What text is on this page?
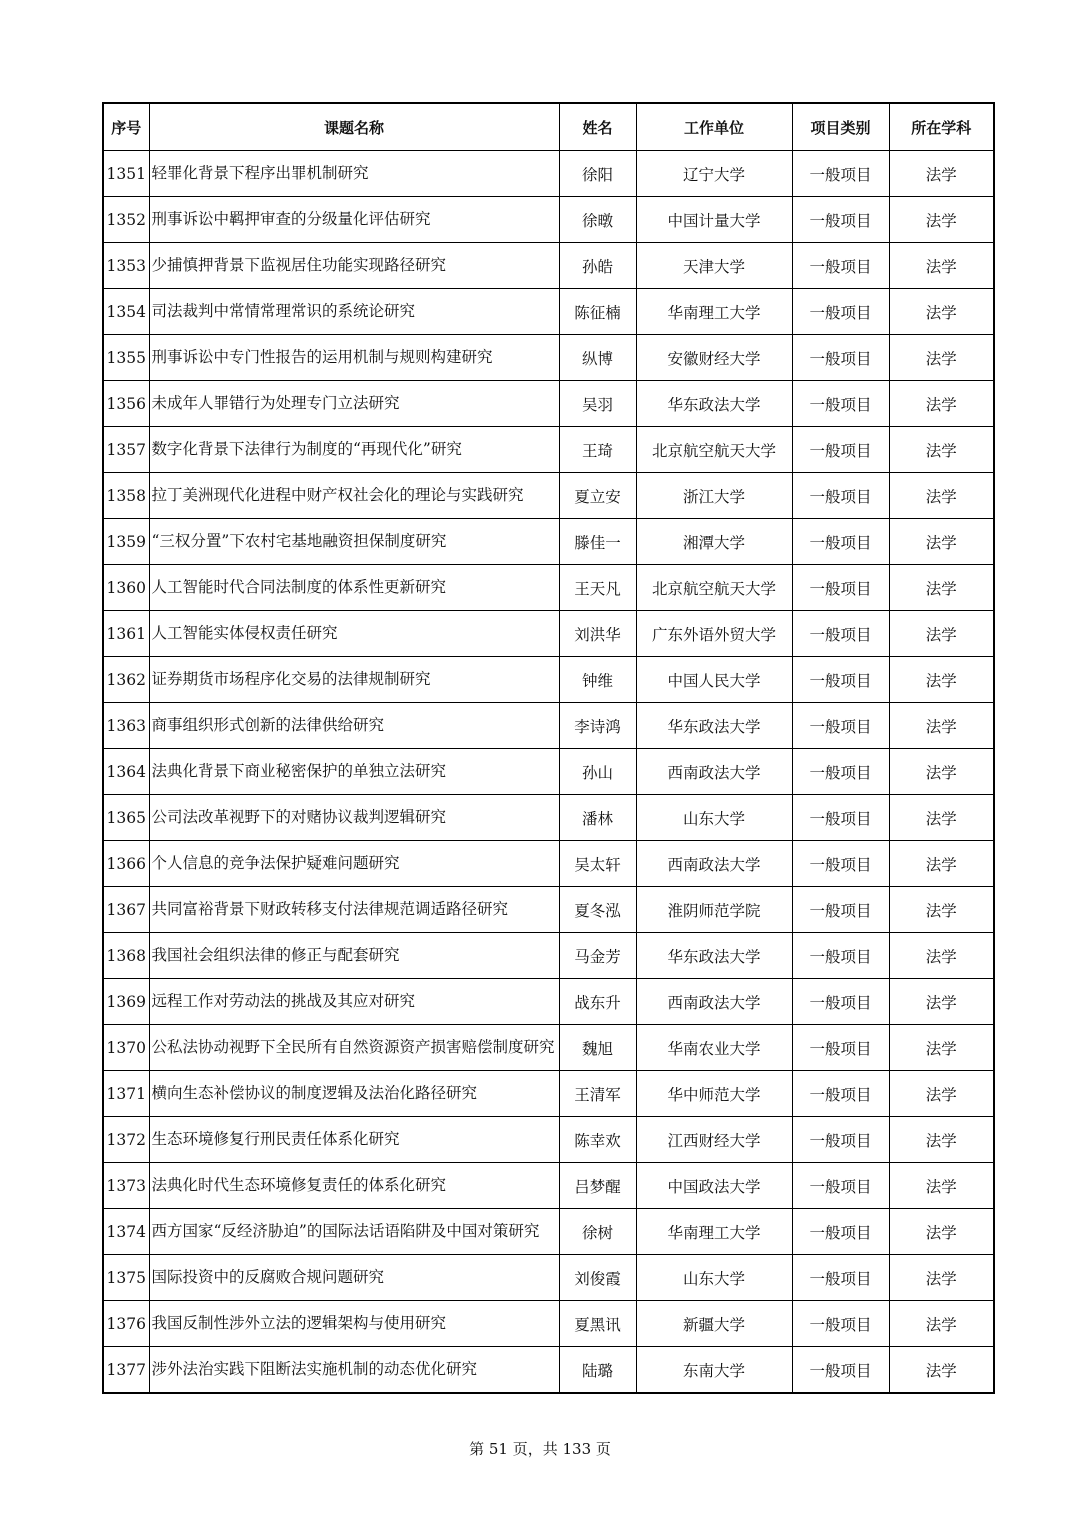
序号	课题名称	姓名	工作单位	项目类别	所在学科
1351	轻罪化背景下程序出罪机制研究	徐阳	辽宁大学	一般项目	法学
1352	刑事诉讼中羁押审查的分级量化评估研究	徐暾	中国计量大学	一般项目	法学
1353	少捕慎押背景下监视居住功能实现路径研究	孙皓	天津大学	一般项目	法学
1354	司法裁判中常情常理常识的系统论研究	陈征楠	华南理工大学	一般项目	法学
1355	刑事诉讼中专门性报告的运用机制与规则构建研究	纵博	安徽财经大学	一般项目	法学
1356	未成年人罪错行为处理专门立法研究	吴羽	华东政法大学	一般项目	法学
1357	数字化背景下法律行为制度的“再现代化”研究	王琦	北京航空航天大学	一般项目	法学
1358	拉丁美洲现代化进程中财产权社会化的理论与实践研究	夏立安	浙江大学	一般项目	法学
1359	“三权分置”下农村宅基地融资担保制度研究	滕佳一	湘潭大学	一般项目	法学
1360	人工智能时代合同法制度的体系性更新研究	王天凡	北京航空航天大学	一般项目	法学
1361	人工智能实体侵权责任研究	刘洪华	广东外语外贸大学	一般项目	法学
1362	证券期货市场程序化交易的法律规制研究	钟维	中国人民大学	一般项目	法学
1363	商事组织形式创新的法律供给研究	李诗鸿	华东政法大学	一般项目	法学
1364	法典化背景下商业秘密保护的单独立法研究	孙山	西南政法大学	一般项目	法学
1365	公司法改革视野下的对赌协议裁判逻辑研究	潘林	山东大学	一般项目	法学
1366	个人信息的竞争法保护疑难问题研究	吴太轩	西南政法大学	一般项目	法学
1367	共同富裕背景下财政转移支付法律规范调适路径研究	夏冬泓	淮阴师范学院	一般项目	法学
1368	我国社会组织法律的修正与配套研究	马金芳	华东政法大学	一般项目	法学
1369	远程工作对劳动法的挑战及其应对研究	战东升	西南政法大学	一般项目	法学
1370	公私法协动视野下全民所有自然资源资产损害赔偿制度研究	魏旭	华南农业大学	一般项目	法学
1371	横向生态补偿协议的制度逻辑及法治化路径研究	王清军	华中师范大学	一般项目	法学
1372	生态环境修复行刑民责任体系化研究	陈幸欢	江西财经大学	一般项目	法学
1373	法典化时代生态环境修复责任的体系化研究	吕梦醒	中国政法大学	一般项目	法学
1374	西方国家“反经济胁迫”的国际法话语陷阱及中国对策研究	徐树	华南理工大学	一般项目	法学
1375	国际投资中的反腐败合规问题研究	刘俊霞	山东大学	一般项目	法学
1376	我国反制性涉外立法的逻辑架构与使用研究	夏黑讯	新疆大学	一般项目	法学
1377	涉外法治实践下阻断法实施机制的动态优化研究	陆璐	东南大学	一般项目	法学
第 51 页，共 133 页
